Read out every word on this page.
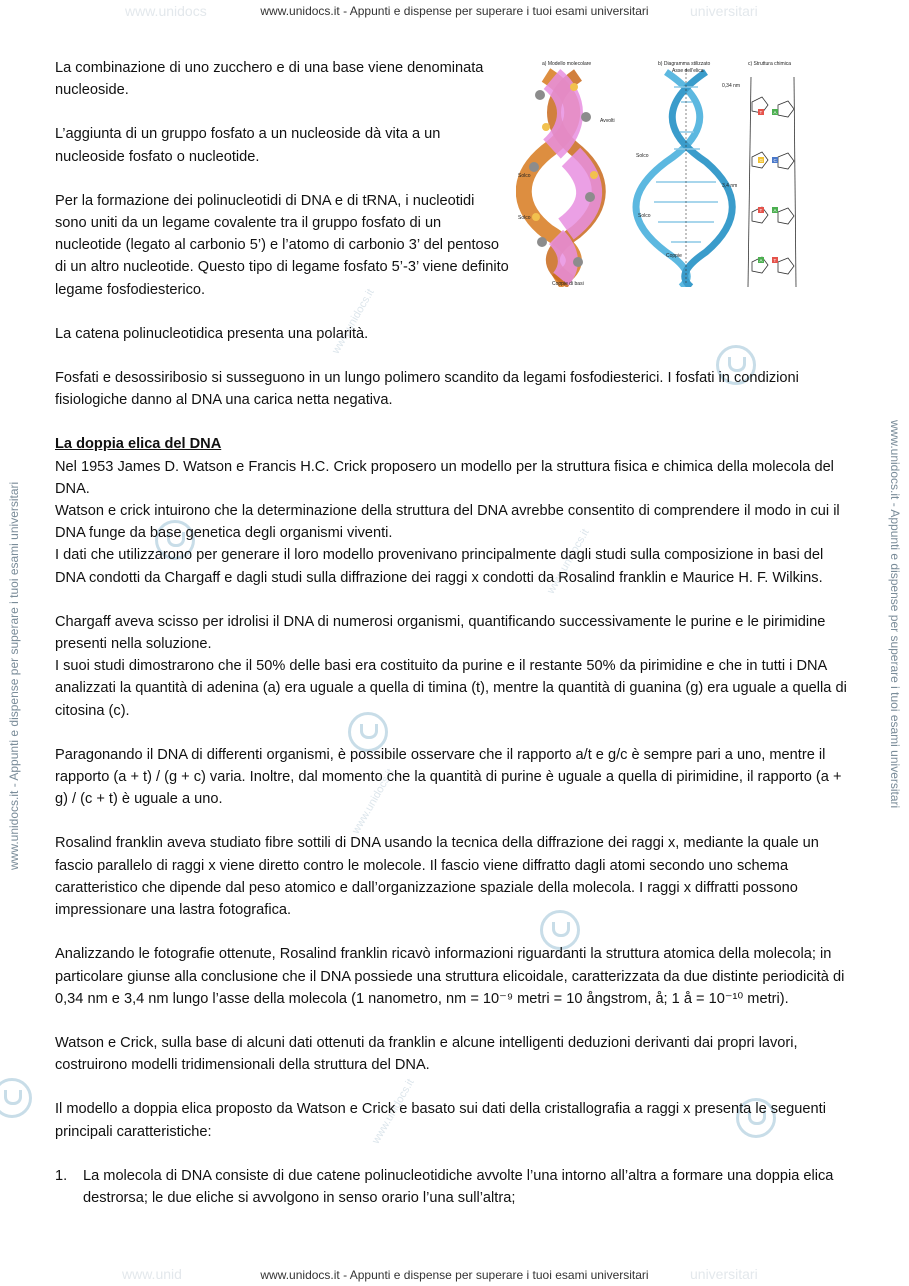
www.unidocs	universitari
www.unidocs.it - Appunti e dispense per superare i tuoi esami universitari
www.unid	universitari
www.unidocs.it - Appunti e dispense per superare i tuoi esami universitari
www.unidocs.it - Appunti e dispense per superare i tuoi esami universitari	www.unidocs.it - Appunti e dispense per superare i tuoi esami universitari
www.unidocs.it
www.unidocs.it
www.unidocs.it
www.unidocs.it
a) Modello molecolare	b) Diagramma stilizzato	c) Struttura chimica
Solco
Solco
Avvolti
Coppie di basi
Asse dell'elica
0,34 nm
3,4 nm
Solco
Solco
Coppie
T	A
G C
T	A
A T

La combinazione di uno zucchero e di una base viene denominata nucleoside.

L’aggiunta di un gruppo fosfato a un nucleoside dà vita a un nucleoside fosfato o nucleotide.

Per la formazione dei polinucleotidi di DNA e di tRNA, i nucleotidi sono uniti da un legame covalente tra il gruppo fosfato di un nucleotide (legato al carbonio 5’) e l’atomo di carbonio 3’ del pentoso di un altro nucleotide. Questo tipo di legame fosfato 5’-3’ viene definito legame fosfodiesterico.

La catena polinucleotidica presenta una polarità.

Fosfati e desossiribosio si susseguono in un lungo polimero scandito da legami fosfodiesterici. I fosfati in condizioni fisiologiche danno al DNA una carica netta negativa.

La doppia elica del DNA
Nel 1953 James D. Watson e Francis H.C. Crick proposero un modello per la struttura fisica e chimica della molecola del DNA.
Watson e crick intuirono che la determinazione della struttura del DNA avrebbe consentito di comprendere il modo in cui il DNA funge da base genetica degli organismi viventi.

I dati che utilizzarono per generare il loro modello provenivano principalmente dagli studi sulla composizione in basi del DNA condotti da Chargaff e dagli studi sulla diffrazione dei raggi x condotti da Rosalind franklin e Maurice H. F. Wilkins.

Chargaff aveva scisso per idrolisi il DNA di numerosi organismi, quantificando successivamente le purine e le pirimidine presenti nella soluzione.

I suoi studi dimostrarono che il 50% delle basi era costituito da purine e il restante 50% da pirimidine e che in tutti i DNA analizzati la quantità di adenina (a) era uguale a quella di timina (t), mentre la quantità di guanina (g) era uguale a quella di citosina (c).

Paragonando il DNA di differenti organismi, è possibile osservare che il rapporto a/t e g/c è sempre pari a uno, mentre il rapporto (a + t) / (g + c) varia. Inoltre, dal momento che la quantità di purine è uguale a quella di pirimidine, il rapporto (a + g) / (c + t) è uguale a uno.

Rosalind franklin aveva studiato fibre sottili di DNA usando la tecnica della diffrazione dei raggi x, mediante la quale un fascio parallelo di raggi x viene diretto contro le molecole. Il fascio viene diffratto dagli atomi secondo uno schema caratteristico che dipende dal peso atomico e dall’organizzazione spaziale della molecola. I raggi x diffratti possono impressionare una lastra fotografica.

Analizzando le fotografie ottenute, Rosalind franklin ricavò informazioni riguardanti la struttura atomica della molecola; in particolare giunse alla conclusione che il DNA possiede una struttura elicoidale, caratterizzata da due distinte periodicità di 0,34 nm e 3,4 nm lungo l’asse della molecola (1 nanometro, nm = 10⁻⁹ metri = 10 ångstrom, å; 1 å = 10⁻¹⁰ metri).

Watson e Crick, sulla base di alcuni dati ottenuti da franklin e alcune intelligenti deduzioni derivanti dai propri lavori, costruirono modelli tridimensionali della struttura del DNA.

Il modello a doppia elica proposto da Watson e Crick e basato sui dati della cristallografia a raggi x presenta le seguenti principali caratteristiche:

1.	La molecola di DNA consiste di due catene polinucleotidiche avvolte l’una intorno all’altra a formare una doppia elica destrorsa; le due eliche si avvolgono in senso orario l’una sull’altra;
